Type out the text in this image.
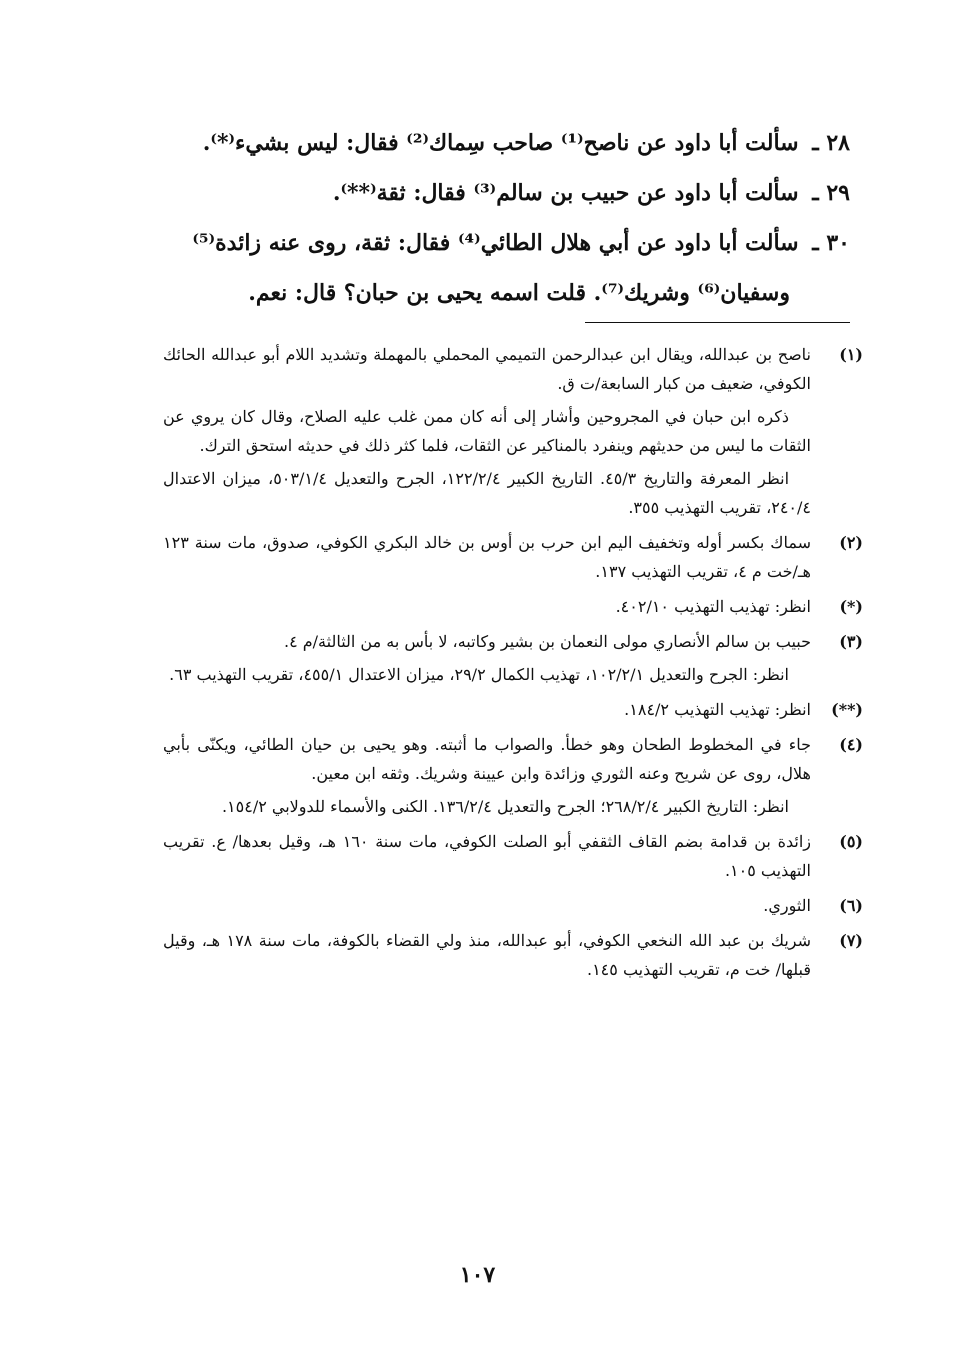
٢٨ ـ سألت أبا داود عن ناصح⁽¹⁾ صاحب سِماك⁽²⁾ فقال: ليس بشيء⁽*⁾.
٢٩ ـ سألت أبا داود عن حبيب بن سالم⁽³⁾ فقال: ثقة⁽**⁾.
٣٠ ـ سألت أبا داود عن أبي هلال الطائي⁽⁴⁾ فقال: ثقة، روى عنه زائدة⁽⁵⁾
وسفيان⁽⁶⁾ وشريك⁽⁷⁾. قلت اسمه يحيى بن حبان؟ قال: نعم.
(١)

ناصح بن عبدالله، ويقال ابن عبدالرحمن التميمي المحملي بالمهملة وتشديد اللام أبو عبدالله الحائك الكوفي، ضعيف من كبار السابعة/ت ق.

ذكره ابن حبان في المجروحين وأشار إلى أنه كان ممن غلب عليه الصلاح، وقال كان يروي عن الثقات ما ليس من حديثهم وينفرد بالمناكير عن الثقات، فلما كثر ذلك في حديثه استحق الترك.

انظر المعرفة والتاريخ ٤٥/٣. التاريخ الكبير ١٢٢/٢/٤، الجرح والتعديل ٥٠٣/١/٤، ميزان الاعتدال ٢٤٠/٤، تقريب التهذيب ٣٥٥.

(٢)

سماك بكسر أوله وتخفيف اليم ابن حرب بن أوس بن خالد البكري الكوفي، صدوق، مات سنة ١٢٣ هـ/خت م ٤، تقريب التهذيب ١٣٧.

(*)

انظر: تهذيب التهذيب ٤٠٢/١٠.

(٣)

حبيب بن سالم الأنصاري مولى النعمان بن بشير وكاتبه، لا بأس به من الثالثة/م ٤.

انظر: الجرح والتعديل ١٠٢/٢/١، تهذيب الكمال ٢٩/٢، ميزان الاعتدال ٤٥٥/١، تقريب التهذيب ٦٣.

(**)

انظر: تهذيب التهذيب ١٨٤/٢.

(٤)

جاء في المخطوط الطحان وهو خطأ. والصواب ما أثبته. وهو يحيى بن حيان الطائي، ويكنّى بأبي هلال، روى عن شريح وعنه الثوري وزائدة وابن عيينة وشريك. وثقه ابن معين.

انظر: التاريخ الكبير ٢٦٨/٢/٤؛ الجرح والتعديل ١٣٦/٢/٤. الكنى والأسماء للدولابي ١٥٤/٢.

(٥)

زائدة بن قدامة بضم القاف الثقفي أبو الصلت الكوفي، مات سنة ١٦٠ هـ، وقيل بعدها/ ع. تقريب التهذيب ١٠٥.

(٦)

الثوري.

(٧)

شريك بن عبد الله النخعي الكوفي، أبو عبدالله، منذ ولي القضاء بالكوفة، مات سنة ١٧٨ هـ، وقيل قبلها/ خت م، تقريب التهذيب ١٤٥.

١٠٧
